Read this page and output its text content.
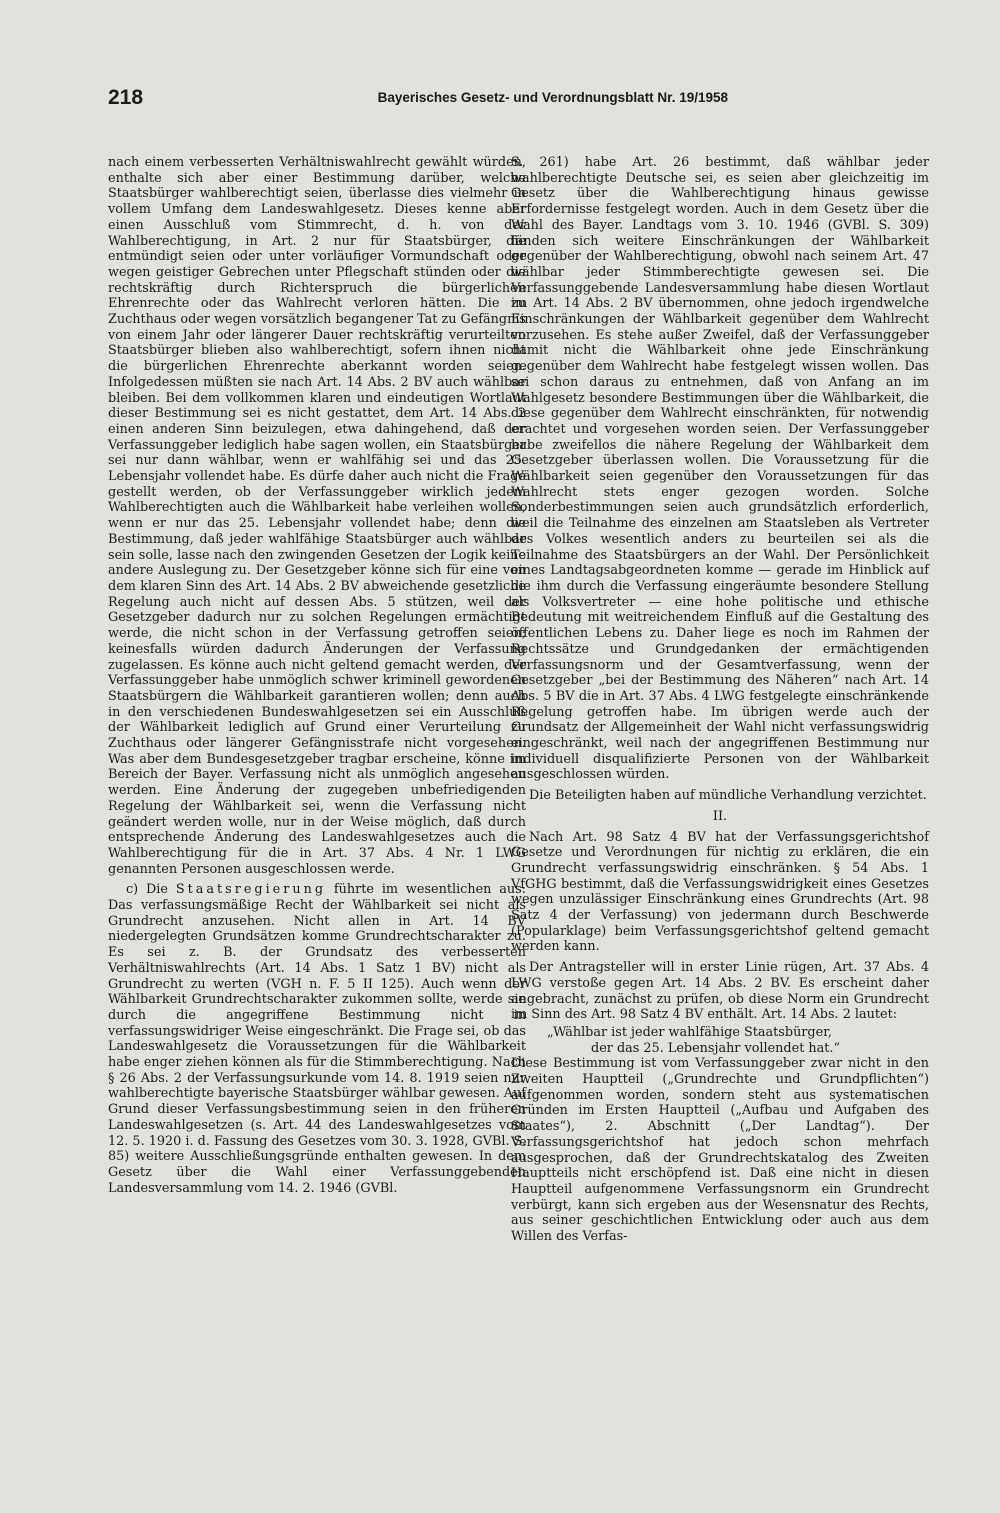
218	Bayerisches Gesetz- und Verordnungsblatt Nr. 19/1958

nach einem verbesserten Verhältniswahlrecht gewählt würden, enthalte sich aber einer Bestimmung darüber, welche Staatsbürger wahlberechtigt seien, überlasse dies vielmehr in vollem Umfang dem Landeswahlgesetz. Dieses kenne aber einen Ausschluß vom Stimmrecht, d. h. von der Wahlberechtigung, in Art. 2 nur für Staatsbürger, die entmündigt seien oder unter vorläufiger Vormundschaft oder wegen geistiger Gebrechen unter Pflegschaft stünden oder die rechtskräftig durch Richterspruch die bürgerlichen Ehrenrechte oder das Wahlrecht verloren hätten. Die zu Zuchthaus oder wegen vorsätzlich begangener Tat zu Gefängnis von einem Jahr oder längerer Dauer rechtskräftig verurteilten Staatsbürger blieben also wahlberechtigt, sofern ihnen nicht die bürgerlichen Ehrenrechte aberkannt worden seien. Infolgedessen müßten sie nach Art. 14 Abs. 2 BV auch wählbar bleiben. Bei dem vollkommen klaren und eindeutigen Wortlaut dieser Bestimmung sei es nicht gestattet, dem Art. 14 Abs. 2 einen anderen Sinn beizulegen, etwa dahingehend, daß der Verfassunggeber lediglich habe sagen wollen, ein Staatsbürger sei nur dann wählbar, wenn er wahlfähig sei und das 25. Lebensjahr vollendet habe. Es dürfe daher auch nicht die Frage gestellt werden, ob der Verfassunggeber wirklich jedem Wahlberechtigten auch die Wählbarkeit habe verleihen wollen, wenn er nur das 25. Lebensjahr vollendet habe; denn die Bestimmung, daß jeder wahlfähige Staatsbürger auch wählbar sein solle, lasse nach den zwingenden Gesetzen der Logik keine andere Auslegung zu. Der Gesetzgeber könne sich für eine von dem klaren Sinn des Art. 14 Abs. 2 BV abweichende gesetzliche Regelung auch nicht auf dessen Abs. 5 stützen, weil der Gesetzgeber dadurch nur zu solchen Regelungen ermächtigt werde, die nicht schon in der Verfassung getroffen seien; keinesfalls würden dadurch Änderungen der Verfassung zugelassen. Es könne auch nicht geltend gemacht werden, der Verfassunggeber habe unmöglich schwer kriminell gewordenen Staatsbürgern die Wählbarkeit garantieren wollen; denn auch in den verschiedenen Bundeswahlgesetzen sei ein Ausschluß der Wählbarkeit lediglich auf Grund einer Verurteilung zu Zuchthaus oder längerer Gefängnisstrafe nicht vorgesehen. Was aber dem Bundesgesetzgeber tragbar erscheine, könne im Bereich der Bayer. Verfassung nicht als unmöglich angesehen werden. Eine Änderung der zugegeben unbefriedigenden Regelung der Wählbarkeit sei, wenn die Verfassung nicht geändert werden wolle, nur in der Weise möglich, daß durch entsprechende Änderung des Landeswahlgesetzes auch die Wahlberechtigung für die in Art. 37 Abs. 4 Nr. 1 LWG genannten Personen ausgeschlossen werde.

c) Die Staatsregierung führte im wesentlichen aus: Das verfassungsmäßige Recht der Wählbarkeit sei nicht als Grundrecht anzusehen. Nicht allen in Art. 14 BV niedergelegten Grundsätzen komme Grundrechtscharakter zu. Es sei z. B. der Grundsatz des verbesserten Verhältniswahlrechts (Art. 14 Abs. 1 Satz 1 BV) nicht als Grundrecht zu werten (VGH n. F. 5 II 125). Auch wenn der Wählbarkeit Grundrechtscharakter zukommen sollte, werde sie durch die angegriffene Bestimmung nicht in verfassungswidriger Weise eingeschränkt. Die Frage sei, ob das Landeswahlgesetz die Voraussetzungen für die Wählbarkeit habe enger ziehen können als für die Stimmberechtigung. Nach § 26 Abs. 2 der Verfassungsurkunde vom 14. 8. 1919 seien nur wahlberechtigte bayerische Staatsbürger wählbar gewesen. Auf Grund dieser Verfassungsbestimmung seien in den früheren Landeswahlgesetzen (s. Art. 44 des Landeswahlgesetzes vom 12. 5. 1920 i. d. Fassung des Gesetzes vom 30. 3. 1928, GVBl. S. 85) weitere Ausschließungsgründe enthalten gewesen. In dem Gesetz über die Wahl einer Verfassunggebenden Landesversammlung vom 14. 2. 1946 (GVBl.

S. 261) habe Art. 26 bestimmt, daß wählbar jeder wahlberechtigte Deutsche sei, es seien aber gleichzeitig im Gesetz über die Wahlberechtigung hinaus gewisse Erfordernisse festgelegt worden. Auch in dem Gesetz über die Wahl des Bayer. Landtags vom 3. 10. 1946 (GVBl. S. 309) fänden sich weitere Einschränkungen der Wählbarkeit gegenüber der Wahlberechtigung, obwohl nach seinem Art. 47 wählbar jeder Stimmberechtigte gewesen sei. Die Verfassunggebende Landesversammlung habe diesen Wortlaut im Art. 14 Abs. 2 BV übernommen, ohne jedoch irgendwelche Einschränkungen der Wählbarkeit gegenüber dem Wahlrecht vorzusehen. Es stehe außer Zweifel, daß der Verfassunggeber damit nicht die Wählbarkeit ohne jede Einschränkung gegenüber dem Wahlrecht habe festgelegt wissen wollen. Das sei schon daraus zu entnehmen, daß von Anfang an im Wahlgesetz besondere Bestimmungen über die Wählbarkeit, die diese gegenüber dem Wahlrecht einschränkten, für notwendig erachtet und vorgesehen worden seien. Der Verfassunggeber habe zweifellos die nähere Regelung der Wählbarkeit dem Gesetzgeber überlassen wollen. Die Voraussetzung für die Wählbarkeit seien gegenüber den Voraussetzungen für das Wahlrecht stets enger gezogen worden. Solche Sonderbestimmungen seien auch grundsätzlich erforderlich, weil die Teilnahme des einzelnen am Staatsleben als Vertreter des Volkes wesentlich anders zu beurteilen sei als die Teilnahme des Staatsbürgers an der Wahl. Der Persönlichkeit eines Landtagsabgeordneten komme — gerade im Hinblick auf die ihm durch die Verfassung eingeräumte besondere Stellung als Volksvertreter — eine hohe politische und ethische Bedeutung mit weitreichendem Einfluß auf die Gestaltung des öffentlichen Lebens zu. Daher liege es noch im Rahmen der Rechtssätze und Grundgedanken der ermächtigenden Verfassungsnorm und der Gesamtverfassung, wenn der Gesetzgeber „bei der Bestimmung des Näheren“ nach Art. 14 Abs. 5 BV die in Art. 37 Abs. 4 LWG festgelegte einschränkende Regelung getroffen habe. Im übrigen werde auch der Grundsatz der Allgemeinheit der Wahl nicht verfassungswidrig eingeschränkt, weil nach der angegriffenen Bestimmung nur individuell disqualifizierte Personen von der Wählbarkeit ausgeschlossen würden.

Die Beteiligten haben auf mündliche Verhandlung verzichtet.

II.

Nach Art. 98 Satz 4 BV hat der Verfassungsgerichtshof Gesetze und Verordnungen für nichtig zu erklären, die ein Grundrecht verfassungswidrig einschränken. § 54 Abs. 1 VfGHG bestimmt, daß die Verfassungswidrigkeit eines Gesetzes wegen unzulässiger Einschränkung eines Grundrechts (Art. 98 Satz 4 der Verfassung) von jedermann durch Beschwerde (Popularklage) beim Verfassungsgerichtshof geltend gemacht werden kann.

Der Antragsteller will in erster Linie rügen, Art. 37 Abs. 4 LWG verstoße gegen Art. 14 Abs. 2 BV. Es erscheint daher angebracht, zunächst zu prüfen, ob diese Norm ein Grundrecht im Sinn des Art. 98 Satz 4 BV enthält. Art. 14 Abs. 2 lautet:

„Wählbar ist jeder wahlfähige Staatsbürger,

der das 25. Lebensjahr vollendet hat.“

Diese Bestimmung ist vom Verfassunggeber zwar nicht in den Zweiten Hauptteil („Grundrechte und Grundpflichten“) aufgenommen worden, sondern steht aus systematischen Gründen im Ersten Hauptteil („Aufbau und Aufgaben des Staates“), 2. Abschnitt („Der Landtag“). Der Verfassungsgerichtshof hat jedoch schon mehrfach ausgesprochen, daß der Grundrechtskatalog des Zweiten Hauptteils nicht erschöpfend ist. Daß eine nicht in diesen Hauptteil aufgenommene Verfassungsnorm ein Grundrecht verbürgt, kann sich ergeben aus der Wesensnatur des Rechts, aus seiner geschichtlichen Entwicklung oder auch aus dem Willen des Verfas-
